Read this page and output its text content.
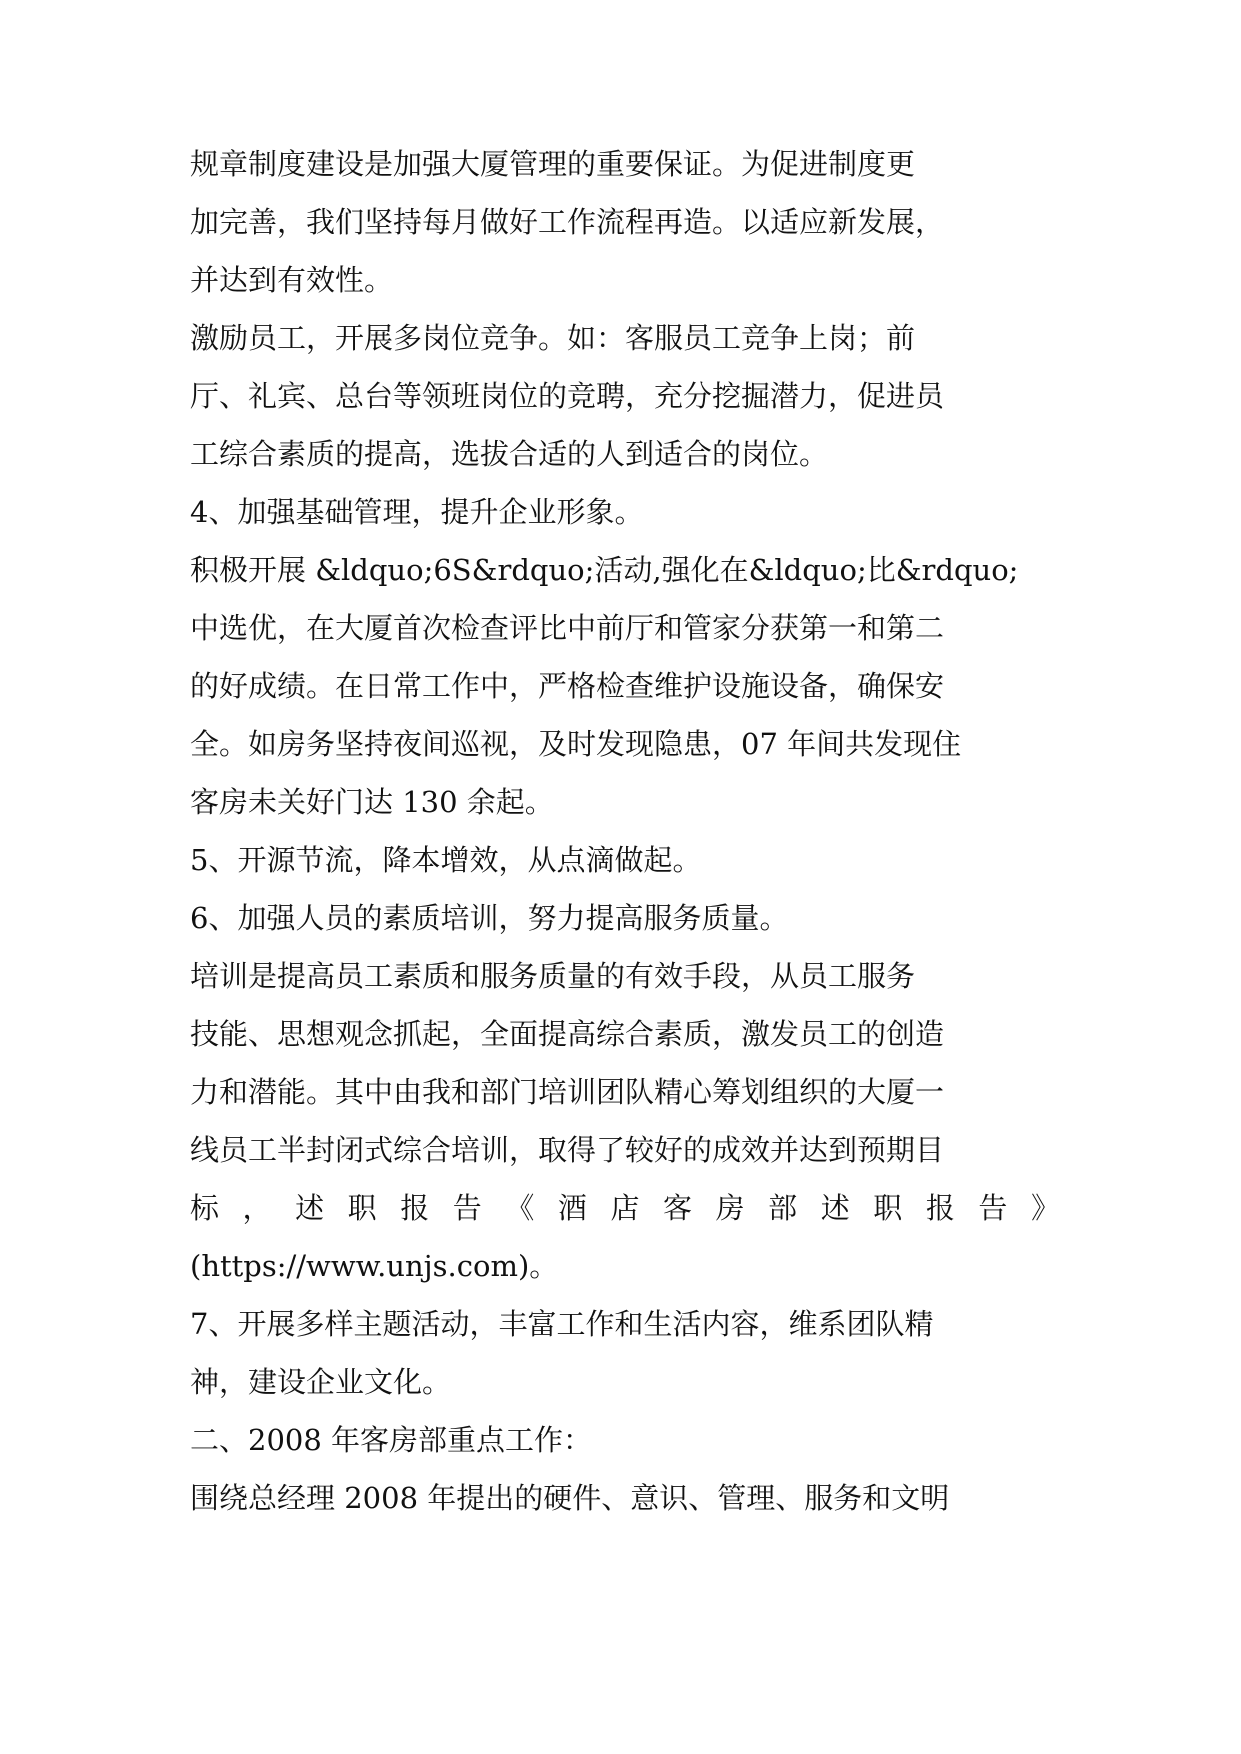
规章制度建设是加强大厦管理的重要保证。为促进制度更
加完善，我们坚持每月做好工作流程再造。以适应新发展，
并达到有效性。
激励员工，开展多岗位竞争。如：客服员工竞争上岗；前
厅、礼宾、总台等领班岗位的竞聘，充分挖掘潜力，促进员
工综合素质的提高，选拔合适的人到适合的岗位。
4、加强基础管理，提升企业形象。
积极开展 &ldquo;6S&rdquo;活动,强化在&ldquo;比&rdquo;
中选优，在大厦首次检查评比中前厅和管家分获第一和第二
的好成绩。在日常工作中，严格检查维护设施设备，确保安
全。如房务坚持夜间巡视，及时发现隐患，07 年间共发现住
客房未关好门达 130 余起。
5、开源节流，降本增效，从点滴做起。
6、加强人员的素质培训，努力提高服务质量。
培训是提高员工素质和服务质量的有效手段，从员工服务
技能、思想观念抓起，全面提高综合素质，激发员工的创造
力和潜能。其中由我和部门培训团队精心筹划组织的大厦一
线员工半封闭式综合培训，取得了较好的成效并达到预期目
标 ， 述 职 报 告 《 酒 店 客 房 部 述 职 报 告 》
(https://www.unjs.com)。
7、开展多样主题活动，丰富工作和生活内容，维系团队精
神，建设企业文化。
二、2008 年客房部重点工作：
围绕总经理 2008 年提出的硬件、意识、管理、服务和文明
